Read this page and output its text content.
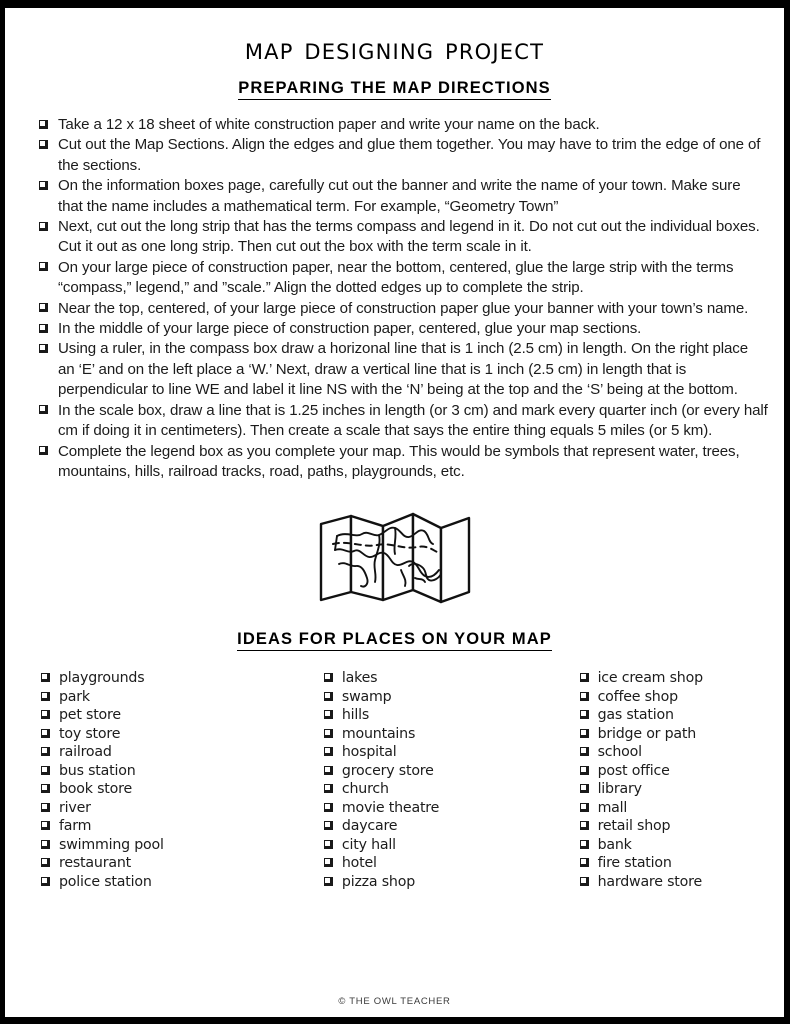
map designing project
PREPARING THE MAP DIRECTIONS
Take a 12 x 18 sheet of white construction paper and write your name on the back.
Cut out the Map Sections. Align the edges and glue them together. You may have to trim the edge of one of the sections.
On the information boxes page, carefully cut out the banner and write the name of your town. Make sure that the name includes a mathematical term. For example, “Geometry Town”
Next, cut out the long strip that has the terms compass and legend in it. Do not cut out the individual boxes. Cut it out as one long strip. Then cut out the box with the term scale in it.
On your large piece of construction paper, near the bottom, centered, glue the large strip with the terms “compass,” legend,” and ”scale.” Align the dotted edges up to complete the strip.
Near the top, centered, of your large piece of construction paper glue your banner with your town’s name.
In the middle of your large piece of construction paper, centered, glue your map sections.
Using a ruler, in the compass box draw a horizonal line that is 1 inch (2.5 cm) in length. On the right place an ‘E’ and on the left place a ‘W.’ Next, draw a vertical line that is 1 inch (2.5 cm) in length that is perpendicular to line WE and label it line NS with the ‘N’ being at the top and the ‘S’ being at the bottom.
In the scale box, draw a line that is 1.25 inches in length (or 3 cm) and mark every quarter inch (or every half cm if doing it in centimeters). Then create a scale that says the entire thing equals 5 miles (or 5 km).
Complete the legend box as you complete your map. This would be symbols that represent water, trees, mountains, hills, railroad tracks, road, paths, playgrounds, etc.
IDEAS FOR PLACES ON YOUR MAP
playgrounds
park
pet store
toy store
railroad
bus station
book store
river
farm
swimming pool
restaurant
police station
lakes
swamp
hills
mountains
hospital
grocery store
church
movie theatre
daycare
city hall
hotel
pizza shop
ice cream shop
coffee shop
gas station
bridge or path
school
post office
library
mall
retail shop
bank
fire station
hardware store
© THE OWL TEACHER
